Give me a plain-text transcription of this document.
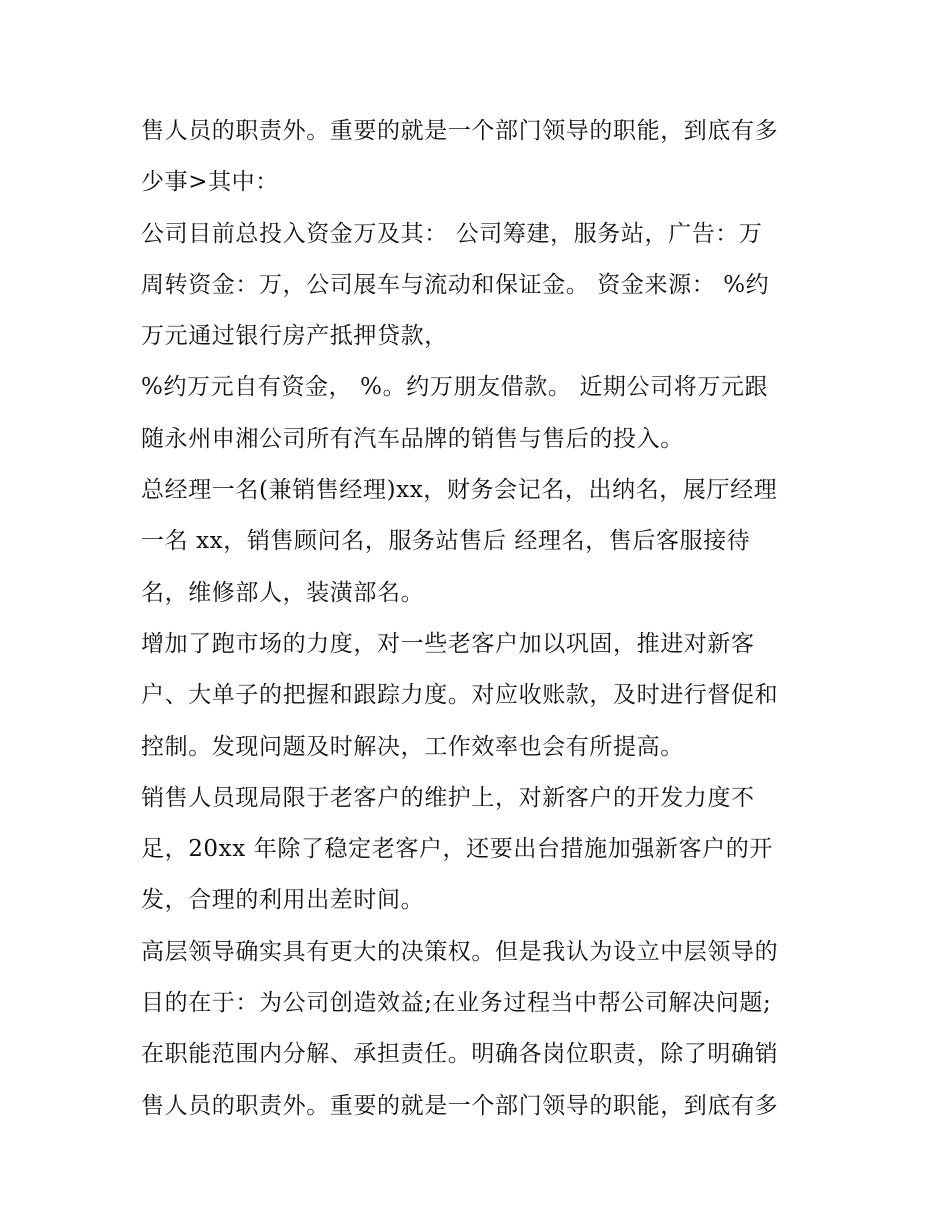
售人员的职责外。重要的就是一个部门领导的职能，到底有多
少事>其中：
公司目前总投入资金万及其： 公司筹建，服务站，广告：万
周转资金：万，公司展车与流动和保证金。 资金来源： %约
万元通过银行房产抵押贷款，
%约万元自有资金， %。约万朋友借款。 近期公司将万元跟
随永州申湘公司所有汽车品牌的销售与售后的投入。
总经理一名(兼销售经理)xx，财务会记名，出纳名，展厅经理
一名 xx，销售顾问名，服务站售后 经理名，售后客服接待
名，维修部人，装潢部名。
增加了跑市场的力度，对一些老客户加以巩固，推进对新客
户、大单子的把握和跟踪力度。对应收账款，及时进行督促和
控制。发现问题及时解决，工作效率也会有所提高。
销售人员现局限于老客户的维护上，对新客户的开发力度不
足，20xx 年除了稳定老客户，还要出台措施加强新客户的开
发，合理的利用出差时间。
高层领导确实具有更大的决策权。但是我认为设立中层领导的
目的在于：为公司创造效益;在业务过程当中帮公司解决问题;
在职能范围内分解、承担责任。明确各岗位职责，除了明确销
售人员的职责外。重要的就是一个部门领导的职能，到底有多
